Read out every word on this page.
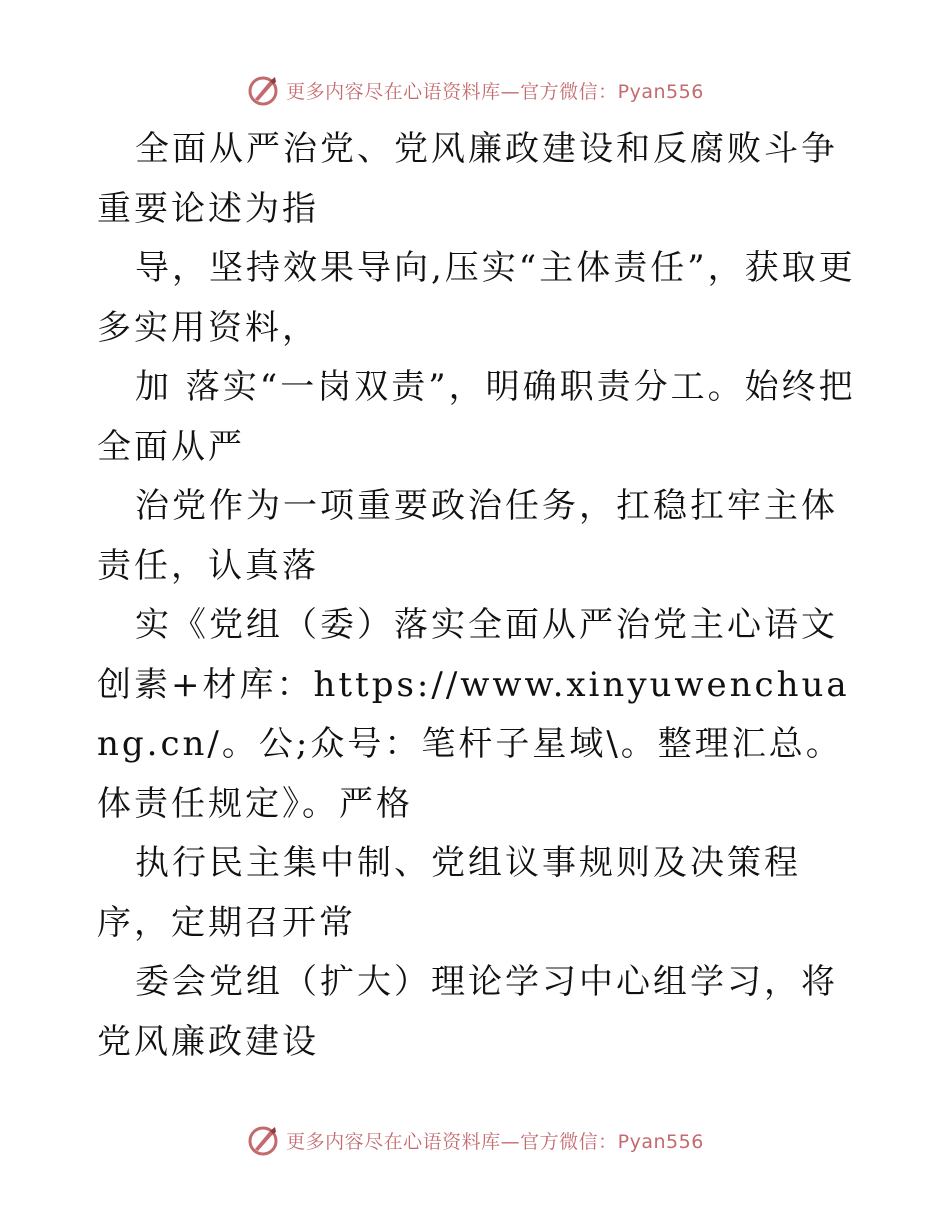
更多内容尽在心语资料库—官方微信：Pyan556

全面从严治党、党风廉政建设和反腐败斗争重要论述为指

导，坚持效果导向,压实“主体责任”，获取更多实用资料，

加 落实“一岗双责”，明确职责分工。始终把全面从严

治党作为一项重要政治任务，扛稳扛牢主体责任，认真落

实《党组（委）落实全面从严治党主心语文创素+材库：https://www.xinyuwenchuang.cn/。公;众号：笔杆子星域\。整理汇总。体责任规定》。严格

执行民主集中制、党组议事规则及决策程序，定期召开常

委会党组（扩大）理论学习中心组学习，将党风廉政建设

更多内容尽在心语资料库—官方微信：Pyan556
